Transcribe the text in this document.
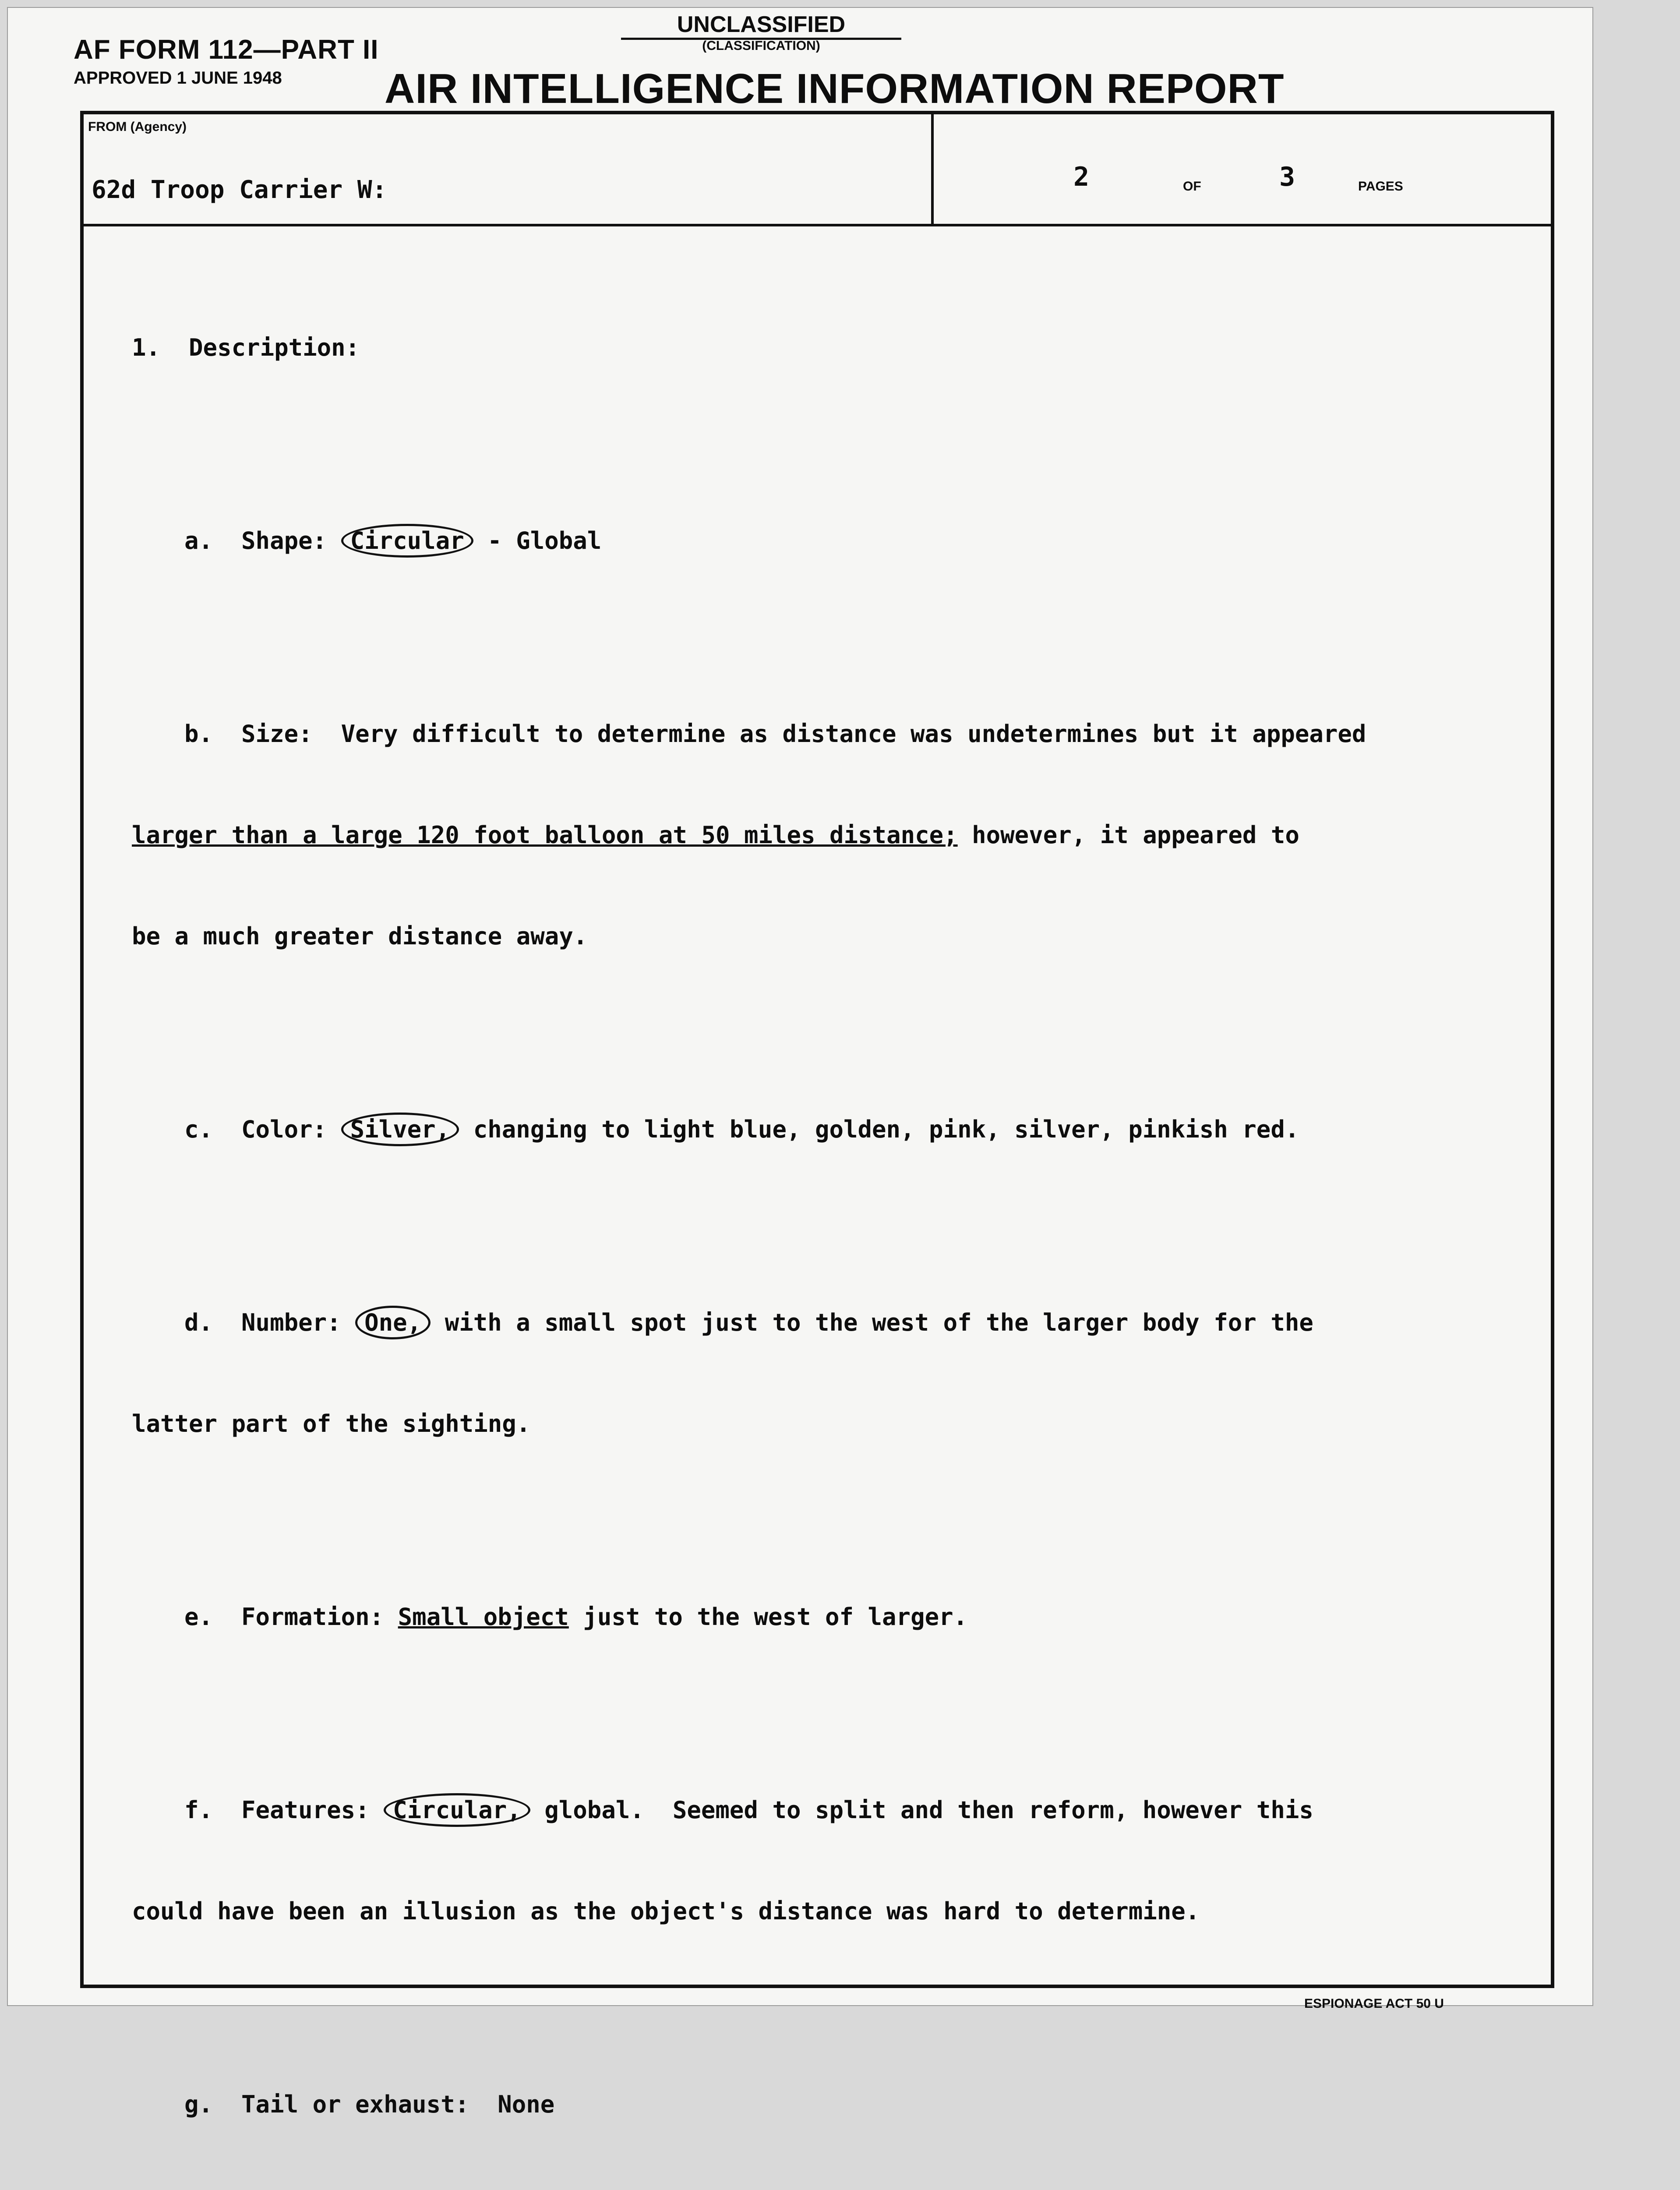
AF FORM 112—PART II
APPROVED 1 JUNE 1948
UNCLASSIFIED
(CLASSIFICATION)
AIR INTELLIGENCE INFORMATION REPORT
FROM (Agency)
62d Troop Carrier W:	2	OF	3	PAGES

1.  Description:

a.  Shape: Circular - Global

b.  Size:  Very difficult to determine as distance was undetermines but it appeared

larger than a large 120 foot balloon at 50 miles distance; however, it appeared to

be a much greater distance away.

c.  Color: Silver, changing to light blue, golden, pink, silver, pinkish red.

d.  Number: One, with a small spot just to the west of the larger body for the

latter part of the sighting.

e.  Formation: Small object just to the west of larger.

f.  Features: Circular, global.  Seemed to split and then reform, however this

could have been an illusion as the object's distance was hard to determine.

g.  Tail or exhaust:  None

ESPIONAGE ACT 50 U
